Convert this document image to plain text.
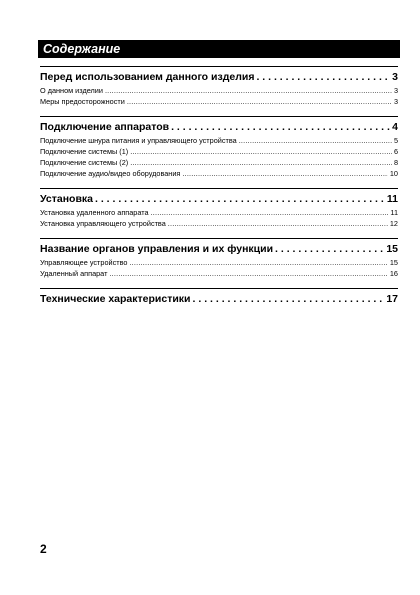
Содержание
Перед использованием данного изделия . . .	3
О данном изделии .....	3
Меры предосторожности .....	3
Подключение аппаратов . . .	4
Подключение шнура питания и управляющего устройства .....	5
Подключение системы (1) .....	6
Подключение системы (2) .....	8
Подключение аудио/видео оборудования .....	10
Установка . . .	11
Установка удаленного аппарата .....	11
Установка управляющего устройства .....	12
Название органов управления и их функции . . .	15
Управляющее устройство .....	15
Удаленный аппарат .....	16
Технические характеристики . . .	17
2
